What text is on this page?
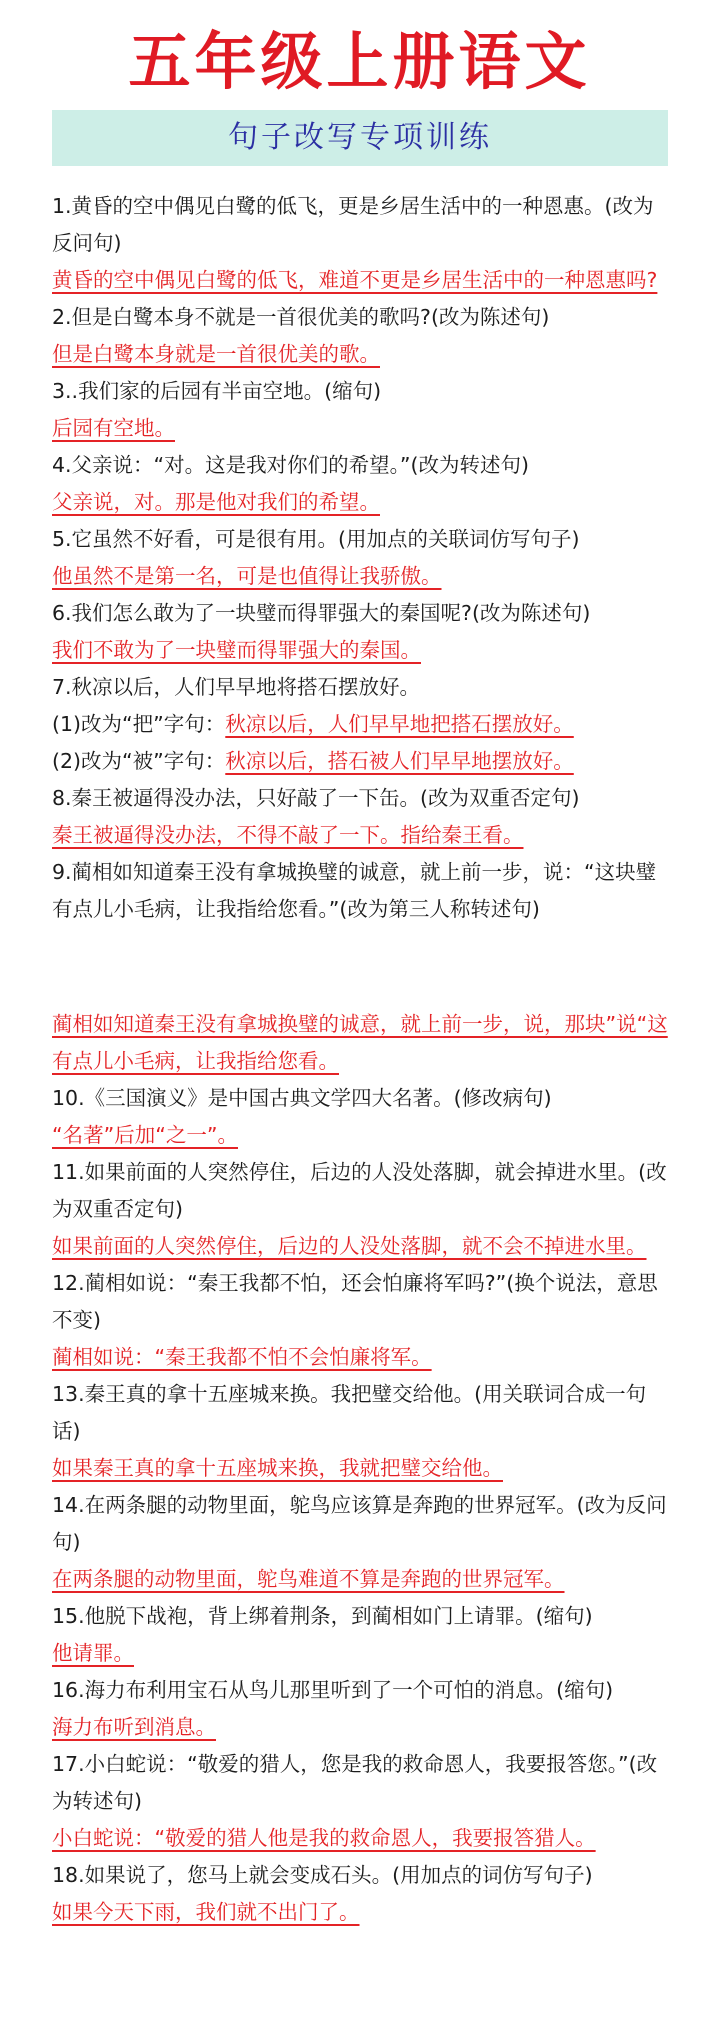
五年级上册语文
句子改写专项训练

1.黄昏的空中偶见白鹭的低飞，更是乡居生活中的一种恩惠。(改为反问句)

黄昏的空中偶见白鹭的低飞，难道不更是乡居生活中的一种恩惠吗?

2.但是白鹭本身不就是一首很优美的歌吗?(改为陈述句)

但是白鹭本身就是一首很优美的歌。

3..我们家的后园有半亩空地。(缩句)

后园有空地。

4.父亲说：“对。这是我对你们的希望。”(改为转述句)

父亲说，对。那是他对我们的希望。

5.它虽然不好看，可是很有用。(用加点的关联词仿写句子)

他虽然不是第一名，可是也值得让我骄傲。

6.我们怎么敢为了一块璧而得罪强大的秦国呢?(改为陈述句)

我们不敢为了一块璧而得罪强大的秦国。

7.秋凉以后，人们早早地将搭石摆放好。

(1)改为“把”字句：秋凉以后，人们早早地把搭石摆放好。

(2)改为“被”字句：秋凉以后，搭石被人们早早地摆放好。

8.秦王被逼得没办法，只好敲了一下缶。(改为双重否定句)

秦王被逼得没办法，不得不敲了一下。指给秦王看。

9.蔺相如知道秦王没有拿城换璧的诚意，就上前一步，说：“这块璧有点儿小毛病，让我指给您看。”(改为第三人称转述句)

蔺相如知道秦王没有拿城换璧的诚意，就上前一步，说，那块”说“这有点儿小毛病，让我指给您看。

10.《三国演义》是中国古典文学四大名著。(修改病句)

“名著”后加“之一”。

11.如果前面的人突然停住，后边的人没处落脚，就会掉进水里。(改为双重否定句)

如果前面的人突然停住，后边的人没处落脚，就不会不掉进水里。

12.蔺相如说：“秦王我都不怕，还会怕廉将军吗?”(换个说法，意思不变)

蔺相如说：“秦王我都不怕不会怕廉将军。

13.秦王真的拿十五座城来换。我把璧交给他。(用关联词合成一句话)

如果秦王真的拿十五座城来换，我就把璧交给他。

14.在两条腿的动物里面，鸵鸟应该算是奔跑的世界冠军。(改为反问句)

在两条腿的动物里面，鸵鸟难道不算是奔跑的世界冠军。

15.他脱下战袍，背上绑着荆条，到蔺相如门上请罪。(缩句)

他请罪。

16.海力布利用宝石从鸟儿那里听到了一个可怕的消息。(缩句)

海力布听到消息。

17.小白蛇说：“敬爱的猎人，您是我的救命恩人，我要报答您。”(改为转述句)

小白蛇说：“敬爱的猎人他是我的救命恩人，我要报答猎人。

18.如果说了，您马上就会变成石头。(用加点的词仿写句子)

如果今天下雨，我们就不出门了。
